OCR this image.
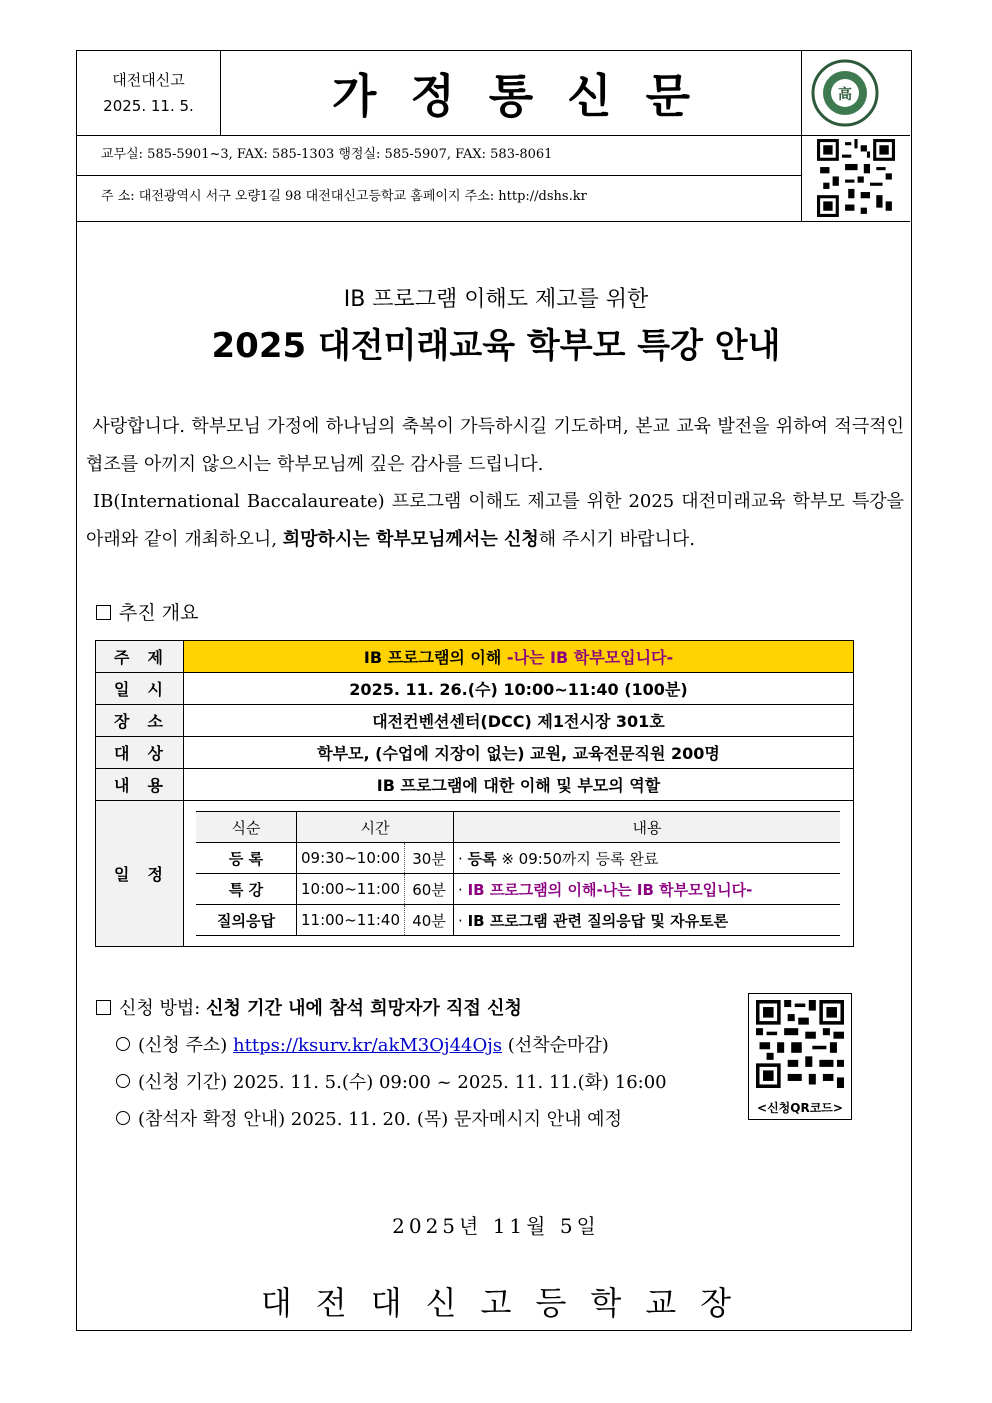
대전대신고
2025. 11. 5.	가정통신문	高
교무실: 585-5901~3, FAX: 585-1303 행정실: 585-5907, FAX: 583-8061
주 소: 대전광역시 서구 오량1길 98 대전대신고등학교 홈페이지 주소: http://dshs.kr
IB 프로그램 이해도 제고를 위한
2025 대전미래교육 학부모 특강 안내

사랑합니다. 학부모님 가정에 하나님의 축복이 가득하시길 기도하며, 본교 교육 발전을 위하여 적극적인 협조를 아끼지 않으시는 학부모님께 깊은 감사를 드립니다.

IB(International Baccalaureate) 프로그램 이해도 제고를 위한 2025 대전미래교육 학부모 특강을 아래와 같이 개최하오니, 희망하시는 학부모님께서는 신청해 주시기 바랍니다.

추진 개요
주제	IB 프로그램의 이해 -나는 IB 학부모입니다-
일시	2025. 11. 26.(수) 10:00~11:40 (100분)
장소	대전컨벤션센터(DCC) 제1전시장 301호
대상	학부모, (수업에 지장이 없는) 교원, 교육전문직원 200명
내용	IB 프로그램에 대한 이해 및 부모의 역할
일정	
식순	시간	내용
등 록	09:30~10:00	30분	· 등록 ※ 09:50까지 등록 완료
특 강	10:00~11:00	60분	· IB 프로그램의 이해-나는 IB 학부모입니다-
질의응답	11:00~11:40	40분	· IB 프로그램 관련 질의응답 및 자유토론
신청 방법: 신청 기간 내에 참석 희망자가 직접 신청
(신청 주소) https://ksurv.kr/akM3Oj44Ojs (선착순마감)
(신청 기간) 2025. 11. 5.(수) 09:00 ~ 2025. 11. 11.(화) 16:00
(참석자 확정 안내) 2025. 11. 20. (목) 문자메시지 안내 예정
<신청QR코드>
2025년 11월 5일
대전대신고등학교장
